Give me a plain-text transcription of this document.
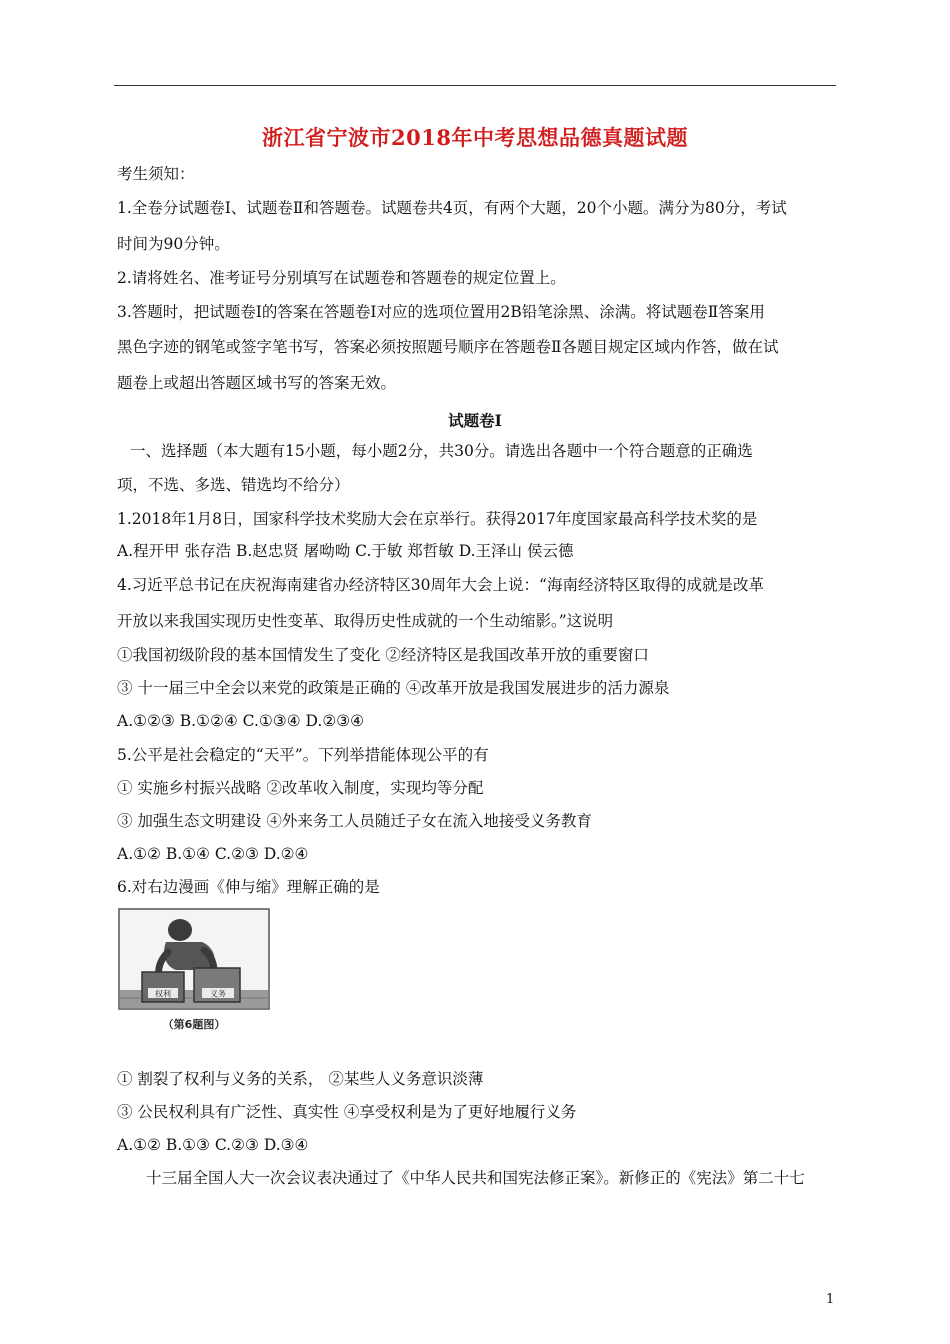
浙江省宁波市2018年中考思想品德真题试题
考生须知：
1.全卷分试题卷Ⅰ、试题卷Ⅱ和答题卷。试题卷共4页，有两个大题，20个小题。满分为80分，考试
时间为90分钟。
2.请将姓名、准考证号分别填写在试题卷和答题卷的规定位置上。
3.答题时，把试题卷Ⅰ的答案在答题卷Ⅰ对应的选项位置用2B铅笔涂黑、涂满。将试题卷Ⅱ答案用
黑色字迹的钢笔或签字笔书写，答案必须按照题号顺序在答题卷Ⅱ各题目规定区域内作答，做在试
题卷上或超出答题区域书写的答案无效。
试题卷Ⅰ
一、选择题（本大题有15小题，每小题2分，共30分。请选出各题中一个符合题意的正确选
项，不选、多选、错选均不给分）
1.2018年1月8日，国家科学技术奖励大会在京举行。获得2017年度国家最高科学技术奖的是
A.程开甲 张存浩 B.赵忠贤 屠呦呦 C.于敏 郑哲敏 D.王泽山 侯云德
4.习近平总书记在庆祝海南建省办经济特区30周年大会上说：“海南经济特区取得的成就是改革
开放以来我国实现历史性变革、取得历史性成就的一个生动缩影。”这说明
①我国初级阶段的基本国情发生了变化 ②经济特区是我国改革开放的重要窗口
③ 十一届三中全会以来党的政策是正确的 ④改革开放是我国发展进步的活力源泉
A.①②③ B.①②④ C.①③④ D.②③④
5.公平是社会稳定的“天平”。下列举措能体现公平的有
① 实施乡村振兴战略 ②改革收入制度，实现均等分配
③ 加强生态文明建设 ④外来务工人员随迁子女在流入地接受义务教育
A.①② B.①④ C.②③ D.②④
6.对右边漫画《伸与缩》理解正确的是
权利	义务
（第6题图）
① 割裂了权利与义务的关系， ②某些人义务意识淡薄
③ 公民权利具有广泛性、真实性 ④享受权利是为了更好地履行义务
A.①② B.①③ C.②③ D.③④
十三届全国人大一次会议表决通过了《中华人民共和国宪法修正案》。新修正的《宪法》第二十七
1
